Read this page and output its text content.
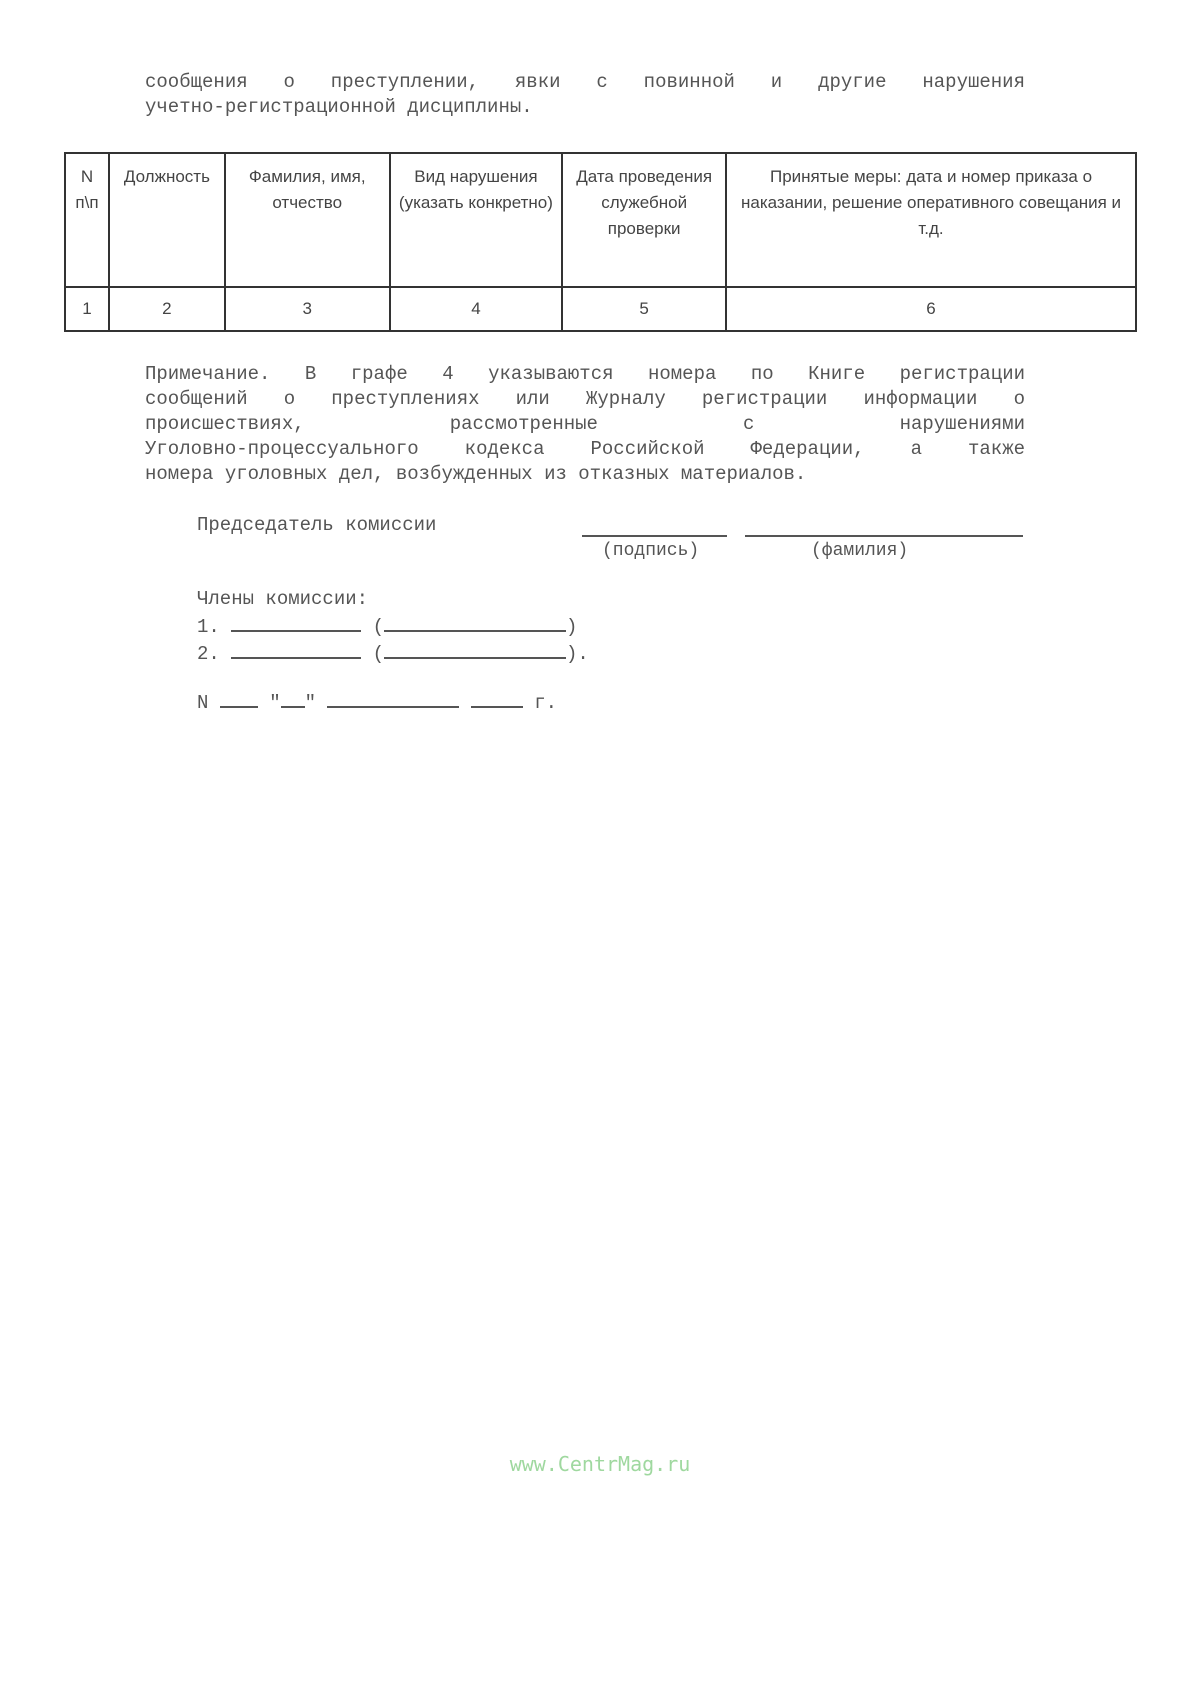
сообщения о преступлении, явки с повинной и другие нарушения
учетно-регистрационной дисциплины.
N п\п	Должность	Фамилия, имя, отчество	Вид нарушения (указать конкретно)	Дата проведения служебной проверки	Принятые меры: дата и номер приказа о наказании, решение оперативного совещания и т.д.
1	2	3	4	5	6
Примечание. В графе 4 указываются номера по Книге регистрации
сообщений о преступлениях или Журналу регистрации информации о
происшествиях, рассмотренные с нарушениями
Уголовно-процессуального кодекса Российской Федерации, а также
номера уголовных дел, возбужденных из отказных материалов.
Председатель комиссии
(подпись)	(фамилия)
Члены комиссии:
1.	(	)
2.	(	).
N	" "	г.
www.CentrMag.ru
